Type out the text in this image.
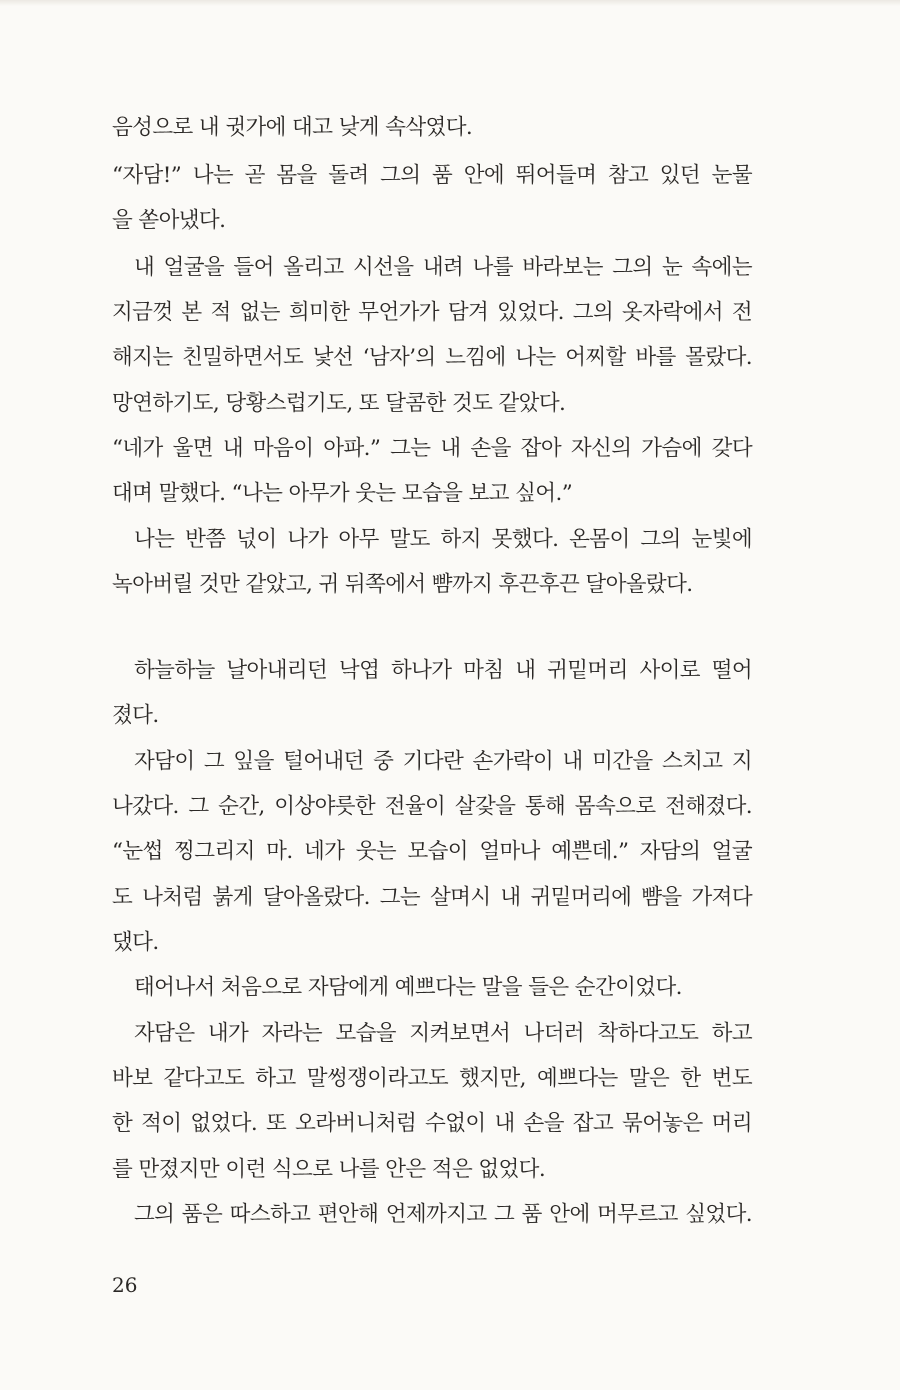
음성으로 내 귓가에 대고 낮게 속삭였다.
“자담!” 나는 곧 몸을 돌려 그의 품 안에 뛰어들며 참고 있던 눈물
을 쏟아냈다.
내 얼굴을 들어 올리고 시선을 내려 나를 바라보는 그의 눈 속에는
지금껏 본 적 없는 희미한 무언가가 담겨 있었다. 그의 옷자락에서 전
해지는 친밀하면서도 낯선 ‘남자’의 느낌에 나는 어찌할 바를 몰랐다.
망연하기도, 당황스럽기도, 또 달콤한 것도 같았다.
“네가 울면 내 마음이 아파.” 그는 내 손을 잡아 자신의 가슴에 갖다
대며 말했다. “나는 아무가 웃는 모습을 보고 싶어.”
나는 반쯤 넋이 나가 아무 말도 하지 못했다. 온몸이 그의 눈빛에
녹아버릴 것만 같았고, 귀 뒤쪽에서 뺨까지 후끈후끈 달아올랐다.
하늘하늘 날아내리던 낙엽 하나가 마침 내 귀밑머리 사이로 떨어
졌다.
자담이 그 잎을 털어내던 중 기다란 손가락이 내 미간을 스치고 지
나갔다. 그 순간, 이상야릇한 전율이 살갗을 통해 몸속으로 전해졌다.
“눈썹 찡그리지 마. 네가 웃는 모습이 얼마나 예쁜데.” 자담의 얼굴
도 나처럼 붉게 달아올랐다. 그는 살며시 내 귀밑머리에 뺨을 가져다
댔다.
태어나서 처음으로 자담에게 예쁘다는 말을 들은 순간이었다.
자담은 내가 자라는 모습을 지켜보면서 나더러 착하다고도 하고
바보 같다고도 하고 말썽쟁이라고도 했지만, 예쁘다는 말은 한 번도
한 적이 없었다. 또 오라버니처럼 수없이 내 손을 잡고 묶어놓은 머리
를 만졌지만 이런 식으로 나를 안은 적은 없었다.
그의 품은 따스하고 편안해 언제까지고 그 품 안에 머무르고 싶었다.
26
